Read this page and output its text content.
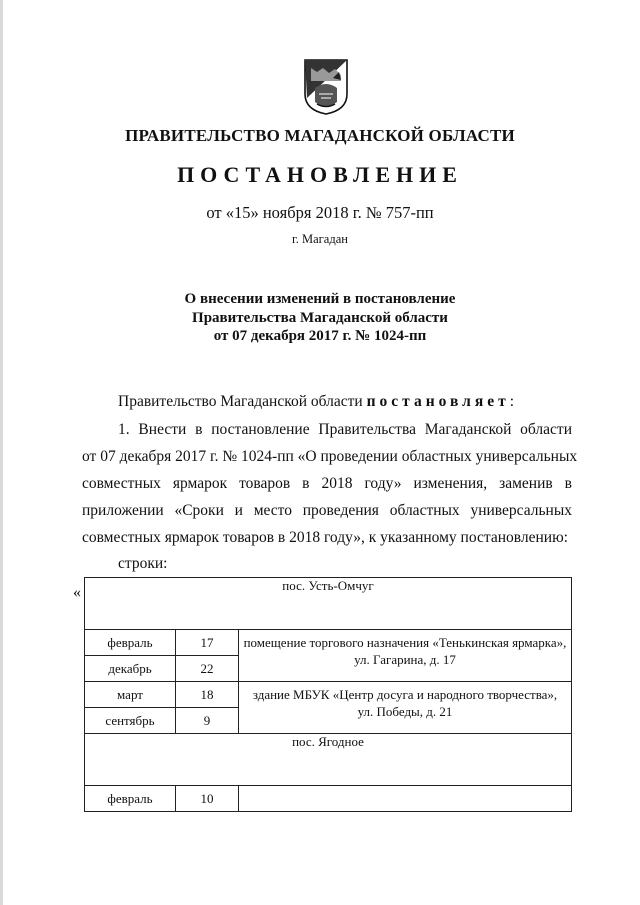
ПРАВИТЕЛЬСТВО МАГАДАНСКОЙ ОБЛАСТИ
ПОСТАНОВЛЕНИЕ
от «15» ноября 2018 г. № 757-пп
г. Магадан
О внесении изменений в постановление
Правительства Магаданской области
от 07 декабря 2017 г. № 1024-пп
Правительство Магаданской области постановляет:
1. Внести в постановление Правительства Магаданской области
от 07 декабря 2017 г. № 1024-пп «О проведении областных универсальных
совместных ярмарок товаров в 2018 году» изменения, заменив в
приложении «Сроки и место проведения областных универсальных
совместных ярмарок товаров в 2018 году», к указанному постановлению:
строки:
«	пос. Усть-Омчуг		
февраль	17	помещение торгового назначения «Тенькинская ярмарка»,
ул. Гагарина, д. 17

декабрь	22	
март	18	здание МБУК «Центр досуга и народного творчества»,
ул. Победы, д. 21

сентябрь	9	
пос. Ягодное		
февраль	10	
